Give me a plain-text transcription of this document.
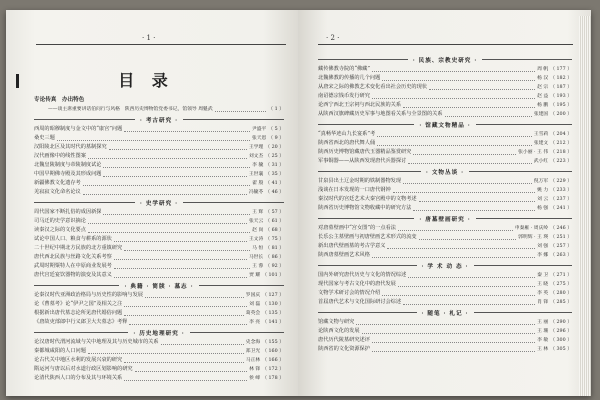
· 1 ·
目 录
专论传真　办出特色
——谈主席重要讲话伯问行与风格　陕西历史博物馆党委书记，馆领导 周魁武	（ 1 ）
· 考古研究 ·
西周的昭穆制度与金文中的“康宫”问题	尹盛平 （ 5 ）
桑史三题	张天恩 （ 9 ）
汉阳陵北区及其时代的墓制探究	王学理 （ 20 ）
汉代画像中的线性图案	刘文杰 （ 25 ）
北魏皇陵制度与帝陵制度试论	李 毓 （ 31 ）
中国早期佛寺殿及其形成问题	王世襄 （ 35 ）
新疆佛教文化遗存考	翟 殷 （ 41 ）
羌寂寂文化命名论议	冯毓苓 （ 46 ）
· 史学研究 ·
周代国家不断扎俗的成因新探	王 辉 （ 57 ）
司马迁的史学意识摘论	张天云 （ 61 ）
读秦汉之际的文化要点	赵 岗 （ 68 ）
试论中国人口、粮食与耕系的源状	王文涛 （ 75 ）
二十世纪中期北方民族的北方重镇研究	马 恒 （ 81 ）
唐代西北民族与丝路文化关系考察	马世长 （ 86 ）
武周时期粟特人在中原商业发展考	王 蓉 （ 92 ）
唐代宫廷宴饮器物的演变及其意义	贾 耀 （ 101 ）
· 典籍 · 简牍 · 墓志 ·
论秦汉时代亚洲政治格局与历史性的影响与发展	罗国庆 （ 127 ）
论《曹墓考》论“伊尹之国”及相关之注	刘 磊 （ 130 ）
根据新出唐代墓志论所见唐代婚俗问题	葛英会 （ 135 ）
《唐故吏部郎中行义郎卫大夫墓志》考释	李 亮 （ 141 ）
· 历史地理研究 ·
论汉唐时代渭河流域与关中地理及其与历史城市的关系	史念海 （ 155 ）
秦都城咸阳的人口问题	郑卫光 （ 160 ）
论古代关中地区水利的发展兴衰的研究	马正林 （ 166 ）
隋运河与唐以后对水道行政区划影响的研究	林 锋 （ 172 ）
论清代陕西人口的分布及其与环境关系	侯 峰 （ 178 ）
· 2 ·
· 民族、宗教史研究 ·
藏传佛教寺院的“佛藏”	周 帆 （ 177 ）
北魏佛教的传播的几个问题	杨 汉 （ 182 ）
从唐宋之际的佛教艺术变化看出社会历史的现状	赵 宗 （ 187 ）
南诏德宗钱币发行研究	赵 益 （ 193 ）
论西宁西北王宗祠与西北民族的关系	杨 鹏 （ 195 ）
从陕西汉旗碑藏历史军事与地图看关系与全景图的关系	张建国 （ 200 ）
· 馆藏文物精品 ·
“真畅华迹山九长宴系”考	王雪莉 （ 204 ）
陕西省西北的唐代舞人俑	张建文 （ 212 ）
陕西历史博物馆藏唐代玉器精品鉴赏研究	张小丽 · 王 伟 （ 218 ）
军事铜器——从陕西发现唐代兵器探讨	武小红 （ 223 ）
· 文物丛谈 ·
甘泉县出土辽金时期的铁制器物发现	倪万军 （ 229 ）
浅谈在日本发现的一口唐代钢钟	姚 力 （ 233 ）
秦汉时代的宫廷艺术大秦宫殿中的文物考述	刘 云 （ 237 ）
陕西省历史博物馆文物收藏中的研究方法	杨 强 （ 241 ）
· 唐墓壁画研究 ·
对唐墓壁画中“宫女图”的一点看法	申秦雁 · 周庆岭 （ 246 ）
长乐公主墓壁画与初唐壁画艺术形式的流变	郭明辉 · 王 瑛 （ 251 ）
新出唐代壁画墓的考古学意义	刘 强 （ 257 ）
陕西唐墓壁画艺术风格	李 娜 （ 263 ）
· 学 术 动 态 ·
国内外研究唐代历史与文化的情况综述	秦 卫 （ 271 ）
现代国家与考古文化中的唐代发展	王 晓 （ 275 ）
文物学术研讨会的情况介绍	李 英 （ 280 ）
首届唐代艺术与文化国际研讨会综述	肖 锋 （ 285 ）
· 随笔 · 札记 ·
馆藏文物与研究	王 丽 （ 290 ）
论陕西文化的发展	王 珊 （ 296 ）
唐代历代陵墓研究述评	李 敏 （ 300 ）
陕西省的文化资源保护	王 林 （ 305 ）
